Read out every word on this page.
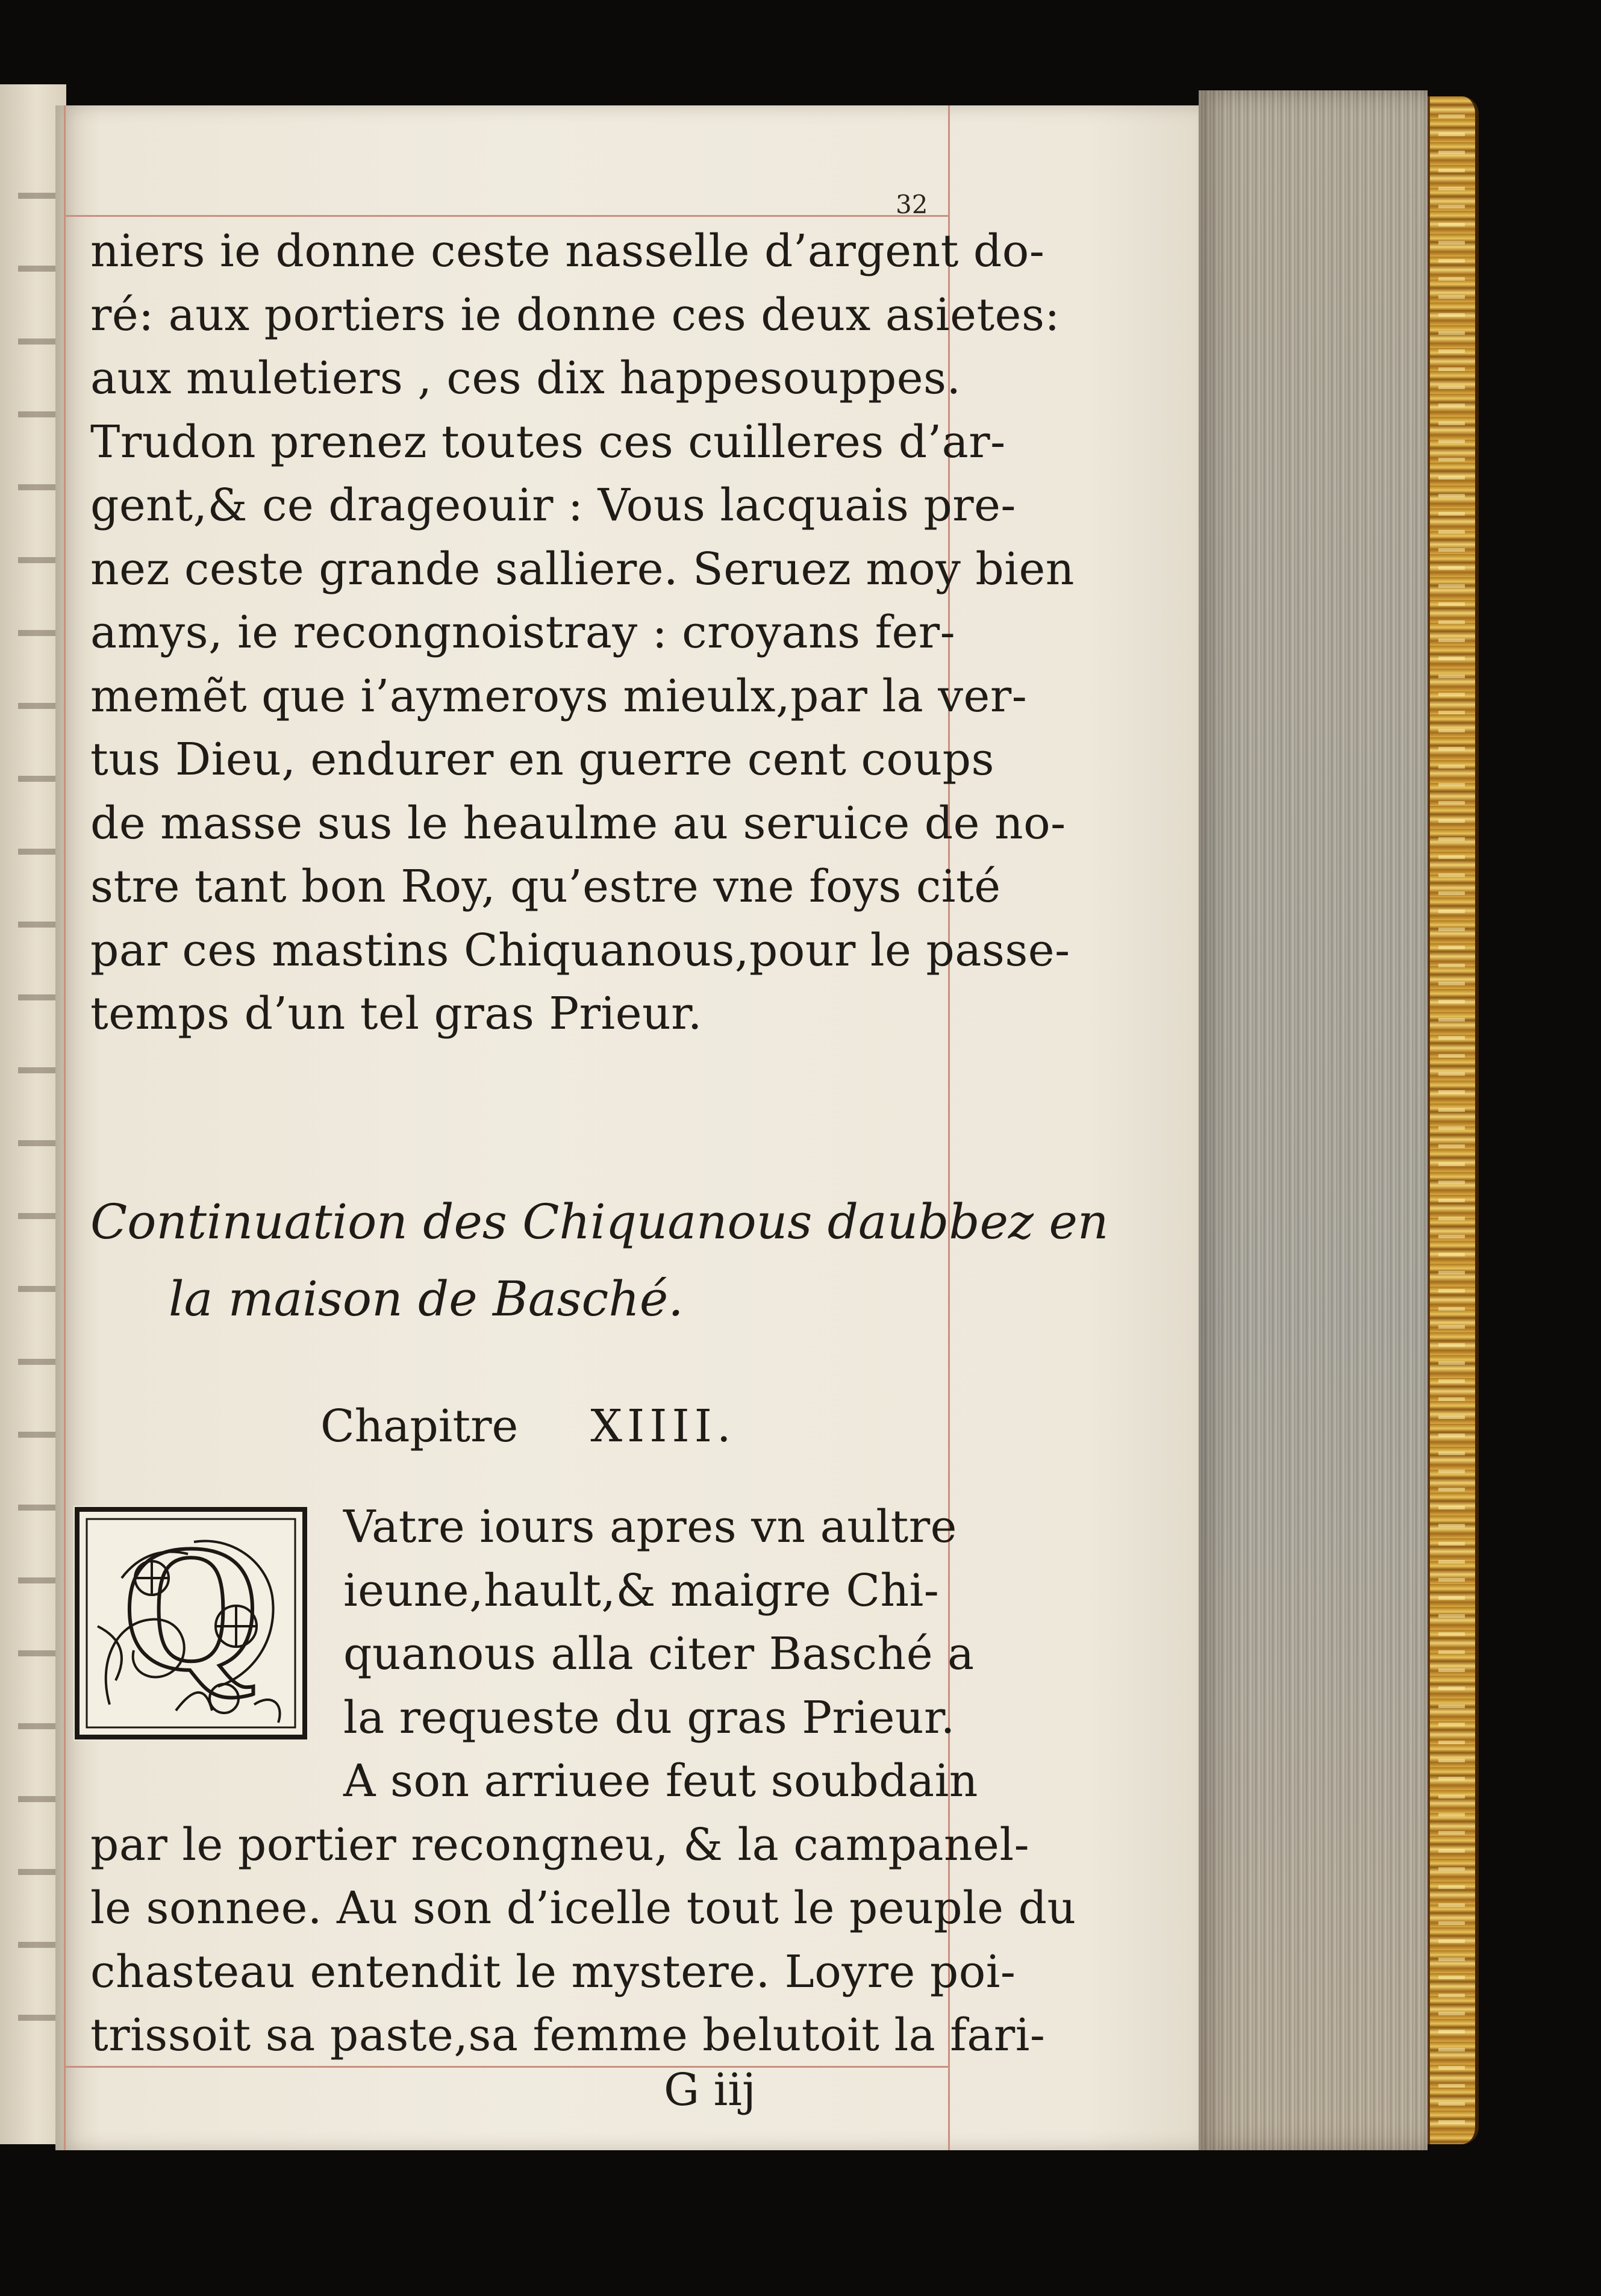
32
niers ie donne ceste nasselle d’argent do-
ré: aux portiers ie donne ces deux asietes:
aux muletiers , ces dix happesouppes.
Trudon prenez toutes ces cuilleres d’ar-
gent,& ce drageouir : Vous lacquais pre-
nez ceste grande salliere. Seruez moy bien
amys, ie recongnoistray : croyans fer-
memẽt que i’aymeroys mieulx,par la ver-
tus Dieu, endurer en guerre cent coups
de masse sus le heaulme au seruice de no-
stre tant bon Roy, qu’estre vne foys cité
par ces mastins Chiquanous,pour le passe-
temps d’un tel gras Prieur.
Continuation des Chiquanous daubbez en
la maison de Basché.
Chapitre XIIII.
Q	Vatre iours apres vn aultre
ieune,hault,& maigre Chi-
quanous alla citer Basché a
la requeste du gras Prieur.
A son arriuee feut soubdain
par le portier recongneu, & la campanel-
le sonnee. Au son d’icelle tout le peuple du
chasteau entendit le mystere. Loyre poi-
trissoit sa paste,sa femme belutoit la fari-
G iij
